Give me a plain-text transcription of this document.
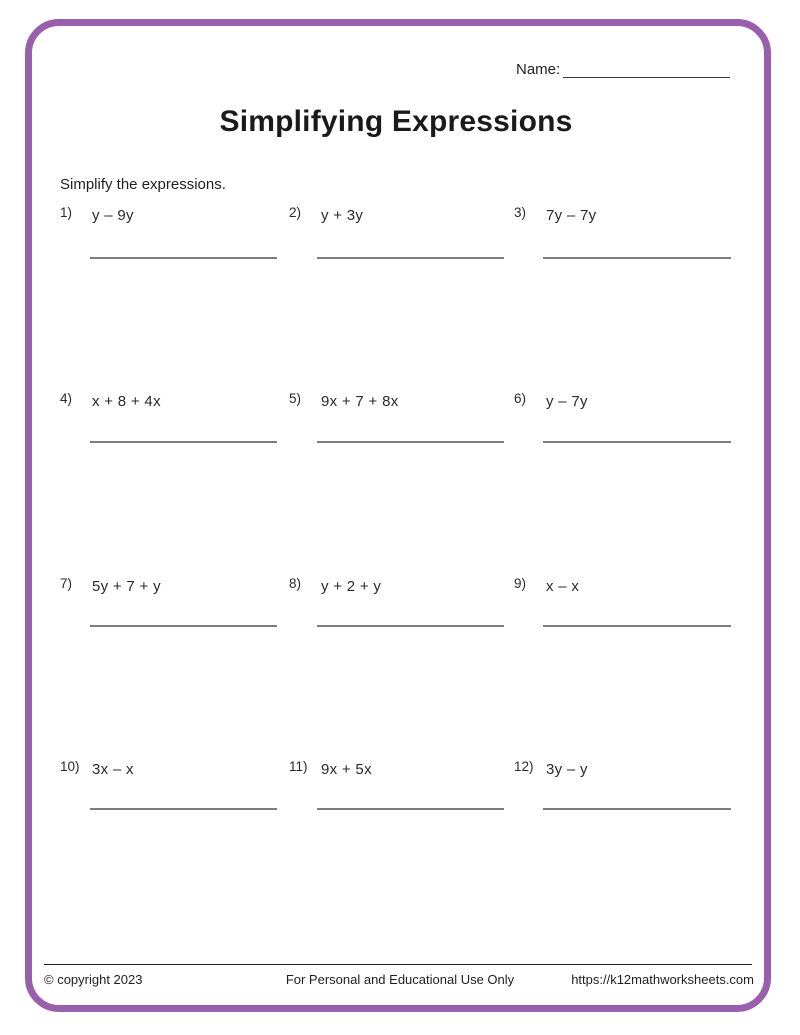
Name:
Simplifying Expressions
Simplify the expressions.
1) y – 9y	2) y + 3y	3) 7y – 7y
4) x + 8 + 4x	5) 9x + 7 + 8x	6) y – 7y
7) 5y + 7 + y	8) y + 2 + y	9) x – x
10) 3x – x	11) 9x + 5x	12) 3y – y
© copyright 2023	For Personal and Educational Use Only	https://k12mathworksheets.com
